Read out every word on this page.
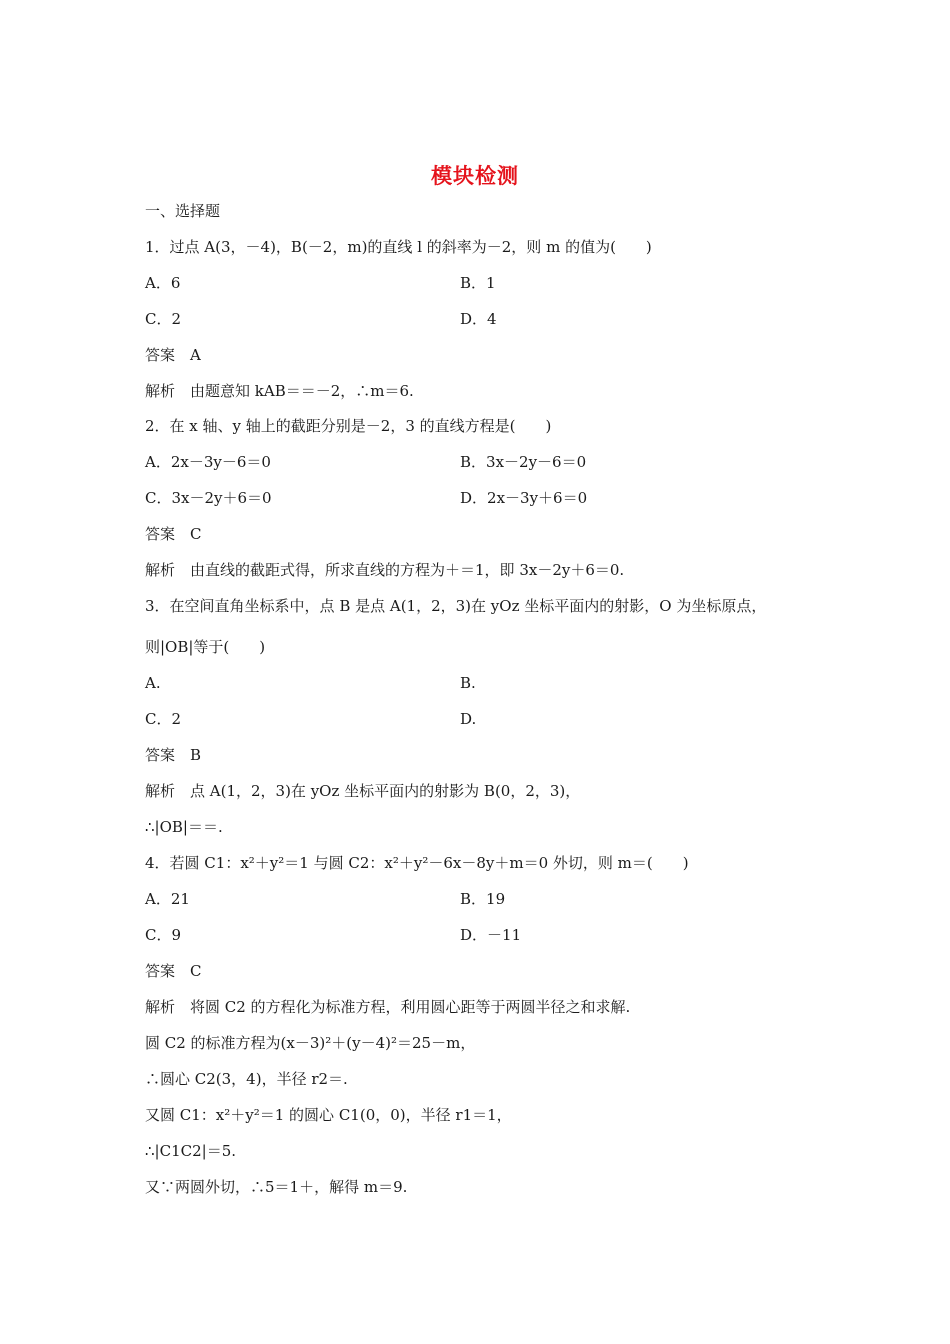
模块检测
一、选择题
1．过点 A(3，－4)，B(－2，m)的直线 l 的斜率为－2，则 m 的值为(　　)
A．6	B．1
C．2	D．4
答案　A
解析　由题意知 kAB＝＝－2，∴m＝6.
2．在 x 轴、y 轴上的截距分别是－2，3 的直线方程是(　　)
A．2x－3y－6＝0	B．3x－2y－6＝0
C．3x－2y＋6＝0	D．2x－3y＋6＝0
答案　C
解析　由直线的截距式得，所求直线的方程为＋＝1，即 3x－2y＋6＝0.
3．在空间直角坐标系中，点 B 是点 A(1，2，3)在 yOz 坐标平面内的射影，O 为坐标原点，
则|OB|等于(　　)
A.	B.
C．2	D.
答案　B
解析　点 A(1，2，3)在 yOz 坐标平面内的射影为 B(0，2，3)，
∴|OB|＝＝.
4．若圆 C1：x²＋y²＝1 与圆 C2：x²＋y²－6x－8y＋m＝0 外切，则 m＝(　　)
A．21	B．19
C．9	D．－11
答案　C
解析　将圆 C2 的方程化为标准方程，利用圆心距等于两圆半径之和求解.
圆 C2 的标准方程为(x－3)²＋(y－4)²＝25－m，
∴圆心 C2(3，4)，半径 r2＝.
又圆 C1：x²＋y²＝1 的圆心 C1(0，0)，半径 r1＝1，
∴|C1C2|＝5.
又∵两圆外切，∴5＝1＋，解得 m＝9.
